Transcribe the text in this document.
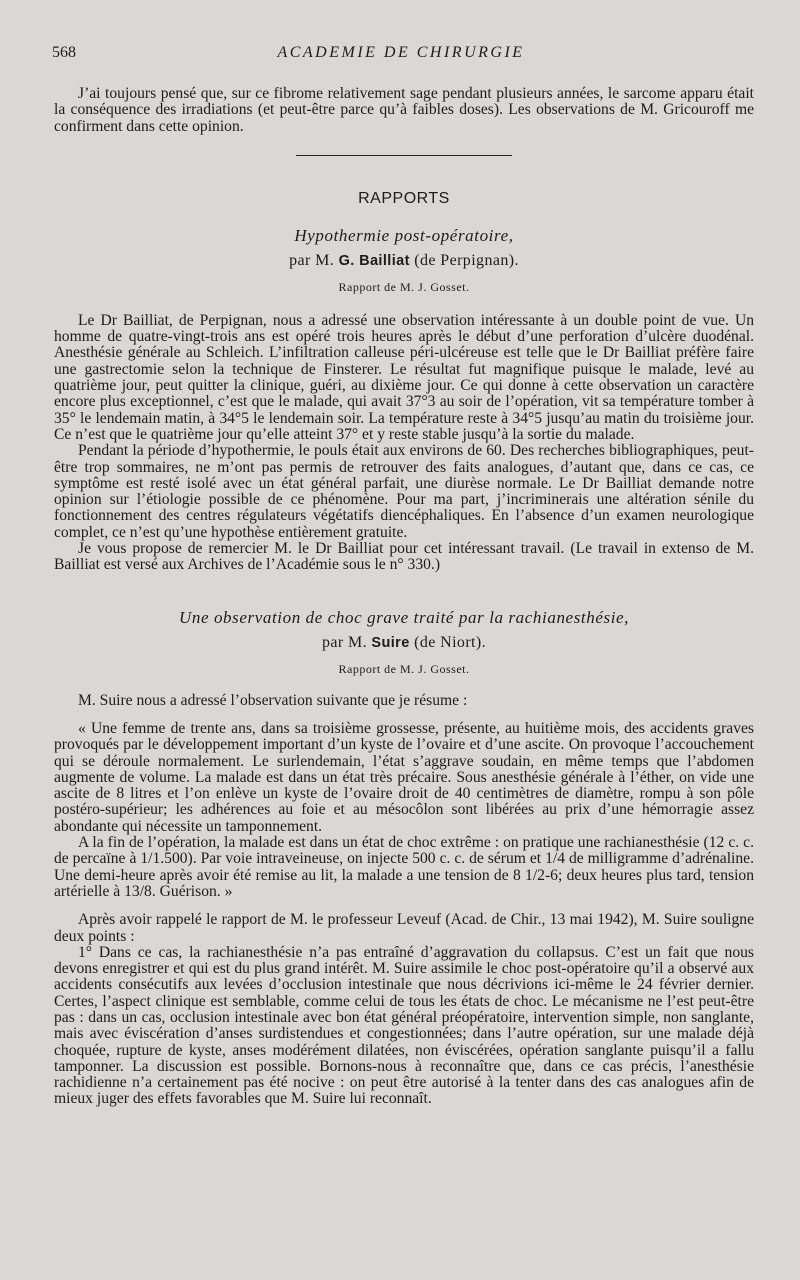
568	ACADEMIE DE CHIRURGIE

J’ai toujours pensé que, sur ce fibrome relativement sage pendant plusieurs années, le sarcome apparu était la conséquence des irradiations (et peut-être parce qu’à faibles doses). Les observations de M. Gricouroff me confirment dans cette opinion.

RAPPORTS
Hypothermie post-opératoire,
par M. G. Bailliat (de Perpignan).
Rapport de M. J. Gosset.

Le Dr Bailliat, de Perpignan, nous a adressé une observation intéressante à un double point de vue. Un homme de quatre-vingt-trois ans est opéré trois heures après le début d’une perforation d’ulcère duodénal. Anesthésie générale au Schleich. L’infiltration calleuse péri-ulcéreuse est telle que le Dr Bailliat préfère faire une gastrectomie selon la technique de Finsterer. Le résultat fut magnifique puisque le malade, levé au quatrième jour, peut quitter la clinique, guéri, au dixième jour. Ce qui donne à cette observation un caractère encore plus exceptionnel, c’est que le malade, qui avait 37°3 au soir de l’opération, vit sa température tomber à 35° le lendemain matin, à 34°5 le lendemain soir. La température reste à 34°5 jusqu’au matin du troisième jour. Ce n’est que le quatrième jour qu’elle atteint 37° et y reste stable jusqu’à la sortie du malade.

Pendant la période d’hypothermie, le pouls était aux environs de 60. Des recherches bibliographiques, peut-être trop sommaires, ne m’ont pas permis de retrouver des faits analogues, d’autant que, dans ce cas, ce symptôme est resté isolé avec un état général parfait, une diurèse normale. Le Dr Bailliat demande notre opinion sur l’étiologie possible de ce phénomène. Pour ma part, j’incriminerais une altération sénile du fonctionnement des centres régulateurs végétatifs diencéphaliques. En l’absence d’un examen neurologique complet, ce n’est qu’une hypothèse entièrement gratuite.

Je vous propose de remercier M. le Dr Bailliat pour cet intéressant travail. (Le travail in extenso de M. Bailliat est versé aux Archives de l’Académie sous le n° 330.)

Une observation de choc grave traité par la rachianesthésie,
par M. Suire (de Niort).
Rapport de M. J. Gosset.

M. Suire nous a adressé l’observation suivante que je résume :

« Une femme de trente ans, dans sa troisième grossesse, présente, au huitième mois, des accidents graves provoqués par le développement important d’un kyste de l’ovaire et d’une ascite. On provoque l’accouchement qui se déroule normalement. Le surlendemain, l’état s’aggrave soudain, en même temps que l’abdomen augmente de volume. La malade est dans un état très précaire. Sous anesthésie générale à l’éther, on vide une ascite de 8 litres et l’on enlève un kyste de l’ovaire droit de 40 centimètres de diamètre, rompu à son pôle postéro-supérieur; les adhérences au foie et au mésocôlon sont libérées au prix d’une hémorragie assez abondante qui nécessite un tamponnement.

A la fin de l’opération, la malade est dans un état de choc extrême : on pratique une rachianesthésie (12 c. c. de percaïne à 1/1.500). Par voie intraveineuse, on injecte 500 c. c. de sérum et 1/4 de milligramme d’adrénaline. Une demi-heure après avoir été remise au lit, la malade a une tension de 8 1/2-6; deux heures plus tard, tension artérielle à 13/8. Guérison. »

Après avoir rappelé le rapport de M. le professeur Leveuf (Acad. de Chir., 13 mai 1942), M. Suire souligne deux points :

1° Dans ce cas, la rachianesthésie n’a pas entraîné d’aggravation du collapsus. C’est un fait que nous devons enregistrer et qui est du plus grand intérêt. M. Suire assimile le choc post-opératoire qu’il a observé aux accidents consécutifs aux levées d’occlusion intestinale que nous décrivions ici-même le 24 février dernier. Certes, l’aspect clinique est semblable, comme celui de tous les états de choc. Le mécanisme ne l’est peut-être pas : dans un cas, occlusion intestinale avec bon état général préopératoire, intervention simple, non sanglante, mais avec éviscération d’anses surdistendues et congestionnées; dans l’autre opération, sur une malade déjà choquée, rupture de kyste, anses modérément dilatées, non éviscérées, opération sanglante puisqu’il a fallu tamponner. La discussion est possible. Bornons-nous à reconnaître que, dans ce cas précis, l’anesthésie rachidienne n’a certainement pas été nocive : on peut être autorisé à la tenter dans des cas analogues afin de mieux juger des effets favorables que M. Suire lui reconnaît.
